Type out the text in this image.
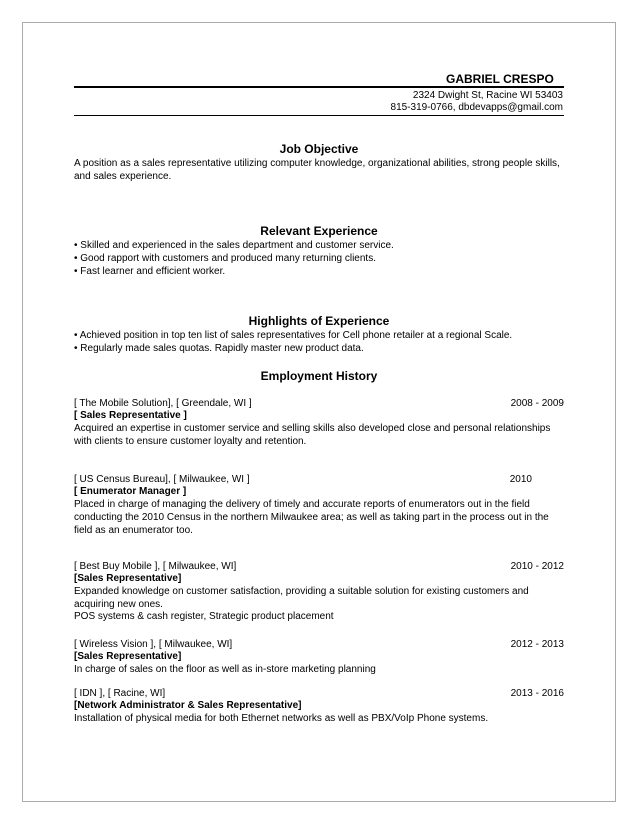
GABRIEL CRESPO
2324 Dwight St, Racine WI 53403
815-319-0766, dbdevapps@gmail.com
Job Objective
A position as a sales representative utilizing computer knowledge, organizational abilities, strong people skills, and sales experience.
Relevant Experience
• Skilled and experienced in the sales department and customer service.
• Good rapport with customers and produced many returning clients.
• Fast learner and efficient worker.
Highlights of Experience
• Achieved position in top ten list of sales representatives for Cell phone retailer at a regional Scale.
• Regularly made sales quotas. Rapidly master new product data.
Employment History
[ The Mobile Solution], [ Greendale, WI ]	2008 - 2009
[ Sales Representative ]
Acquired an expertise in customer service and selling skills also developed close and personal relationships with clients to ensure customer loyalty and retention.
[ US Census Bureau], [ Milwaukee, WI ]	2010
[ Enumerator Manager ]
Placed in charge of managing the delivery of timely and accurate reports of enumerators out in the field conducting the 2010 Census in the northern Milwaukee area; as well as taking part in the process out in the field as an enumerator too.
[ Best Buy Mobile ], [ Milwaukee, WI]	2010 - 2012
[Sales Representative]
Expanded knowledge on customer satisfaction, providing a suitable solution for existing customers and acquiring new ones.
POS systems & cash register, Strategic product placement
[ Wireless Vision ], [ Milwaukee, WI]	2012 - 2013
[Sales Representative]
In charge of sales on the floor as well as in-store marketing planning
[ IDN ], [ Racine, WI]	2013 - 2016
[Network Administrator & Sales Representative]
Installation of physical media for both Ethernet networks as well as PBX/VoIp Phone systems.
